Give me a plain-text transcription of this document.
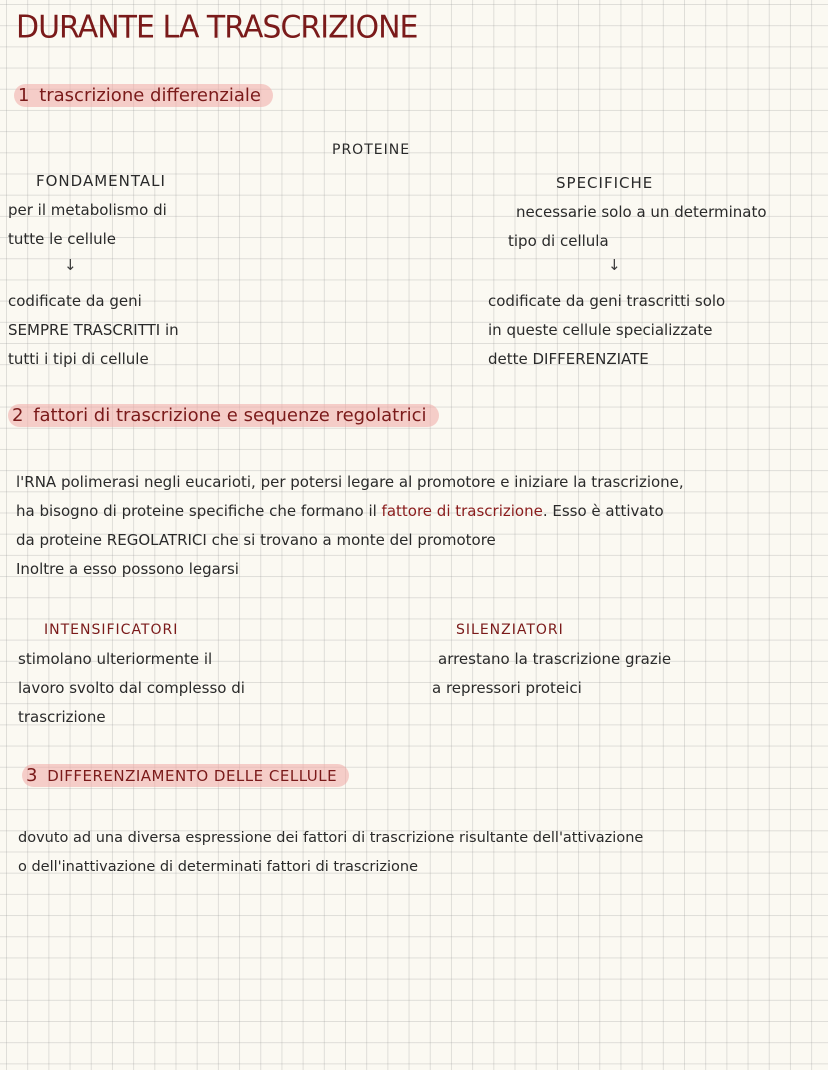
DURANTE LA TRASCRIZIONE
1 trascrizione differenziale
PROTEINE
FONDAMENTALI
per il metabolismo di
tutte le cellule
↓
codificate da geni
SEMPRE TRASCRITTI in
tutti i tipi di cellule
SPECIFICHE
necessarie solo a un determinato
tipo di cellula
↓
codificate da geni trascritti solo
in queste cellule specializzate
dette DIFFERENZIATE
2 fattori di trascrizione e sequenze regolatrici
l'RNA polimerasi negli eucarioti, per potersi legare al promotore e iniziare la trascrizione,
ha bisogno di proteine specifiche che formano il fattore di trascrizione. Esso è attivato
da proteine REGOLATRICI che si trovano a monte del promotore
Inoltre a esso possono legarsi
INTENSIFICATORI
stimolano ulteriormente il
lavoro svolto dal complesso di
trascrizione
SILENZIATORI
arrestano la trascrizione grazie
a repressori proteici
3 DIFFERENZIAMENTO DELLE CELLULE
dovuto ad una diversa espressione dei fattori di trascrizione risultante dell'attivazione
o dell'inattivazione di determinati fattori di trascrizione
